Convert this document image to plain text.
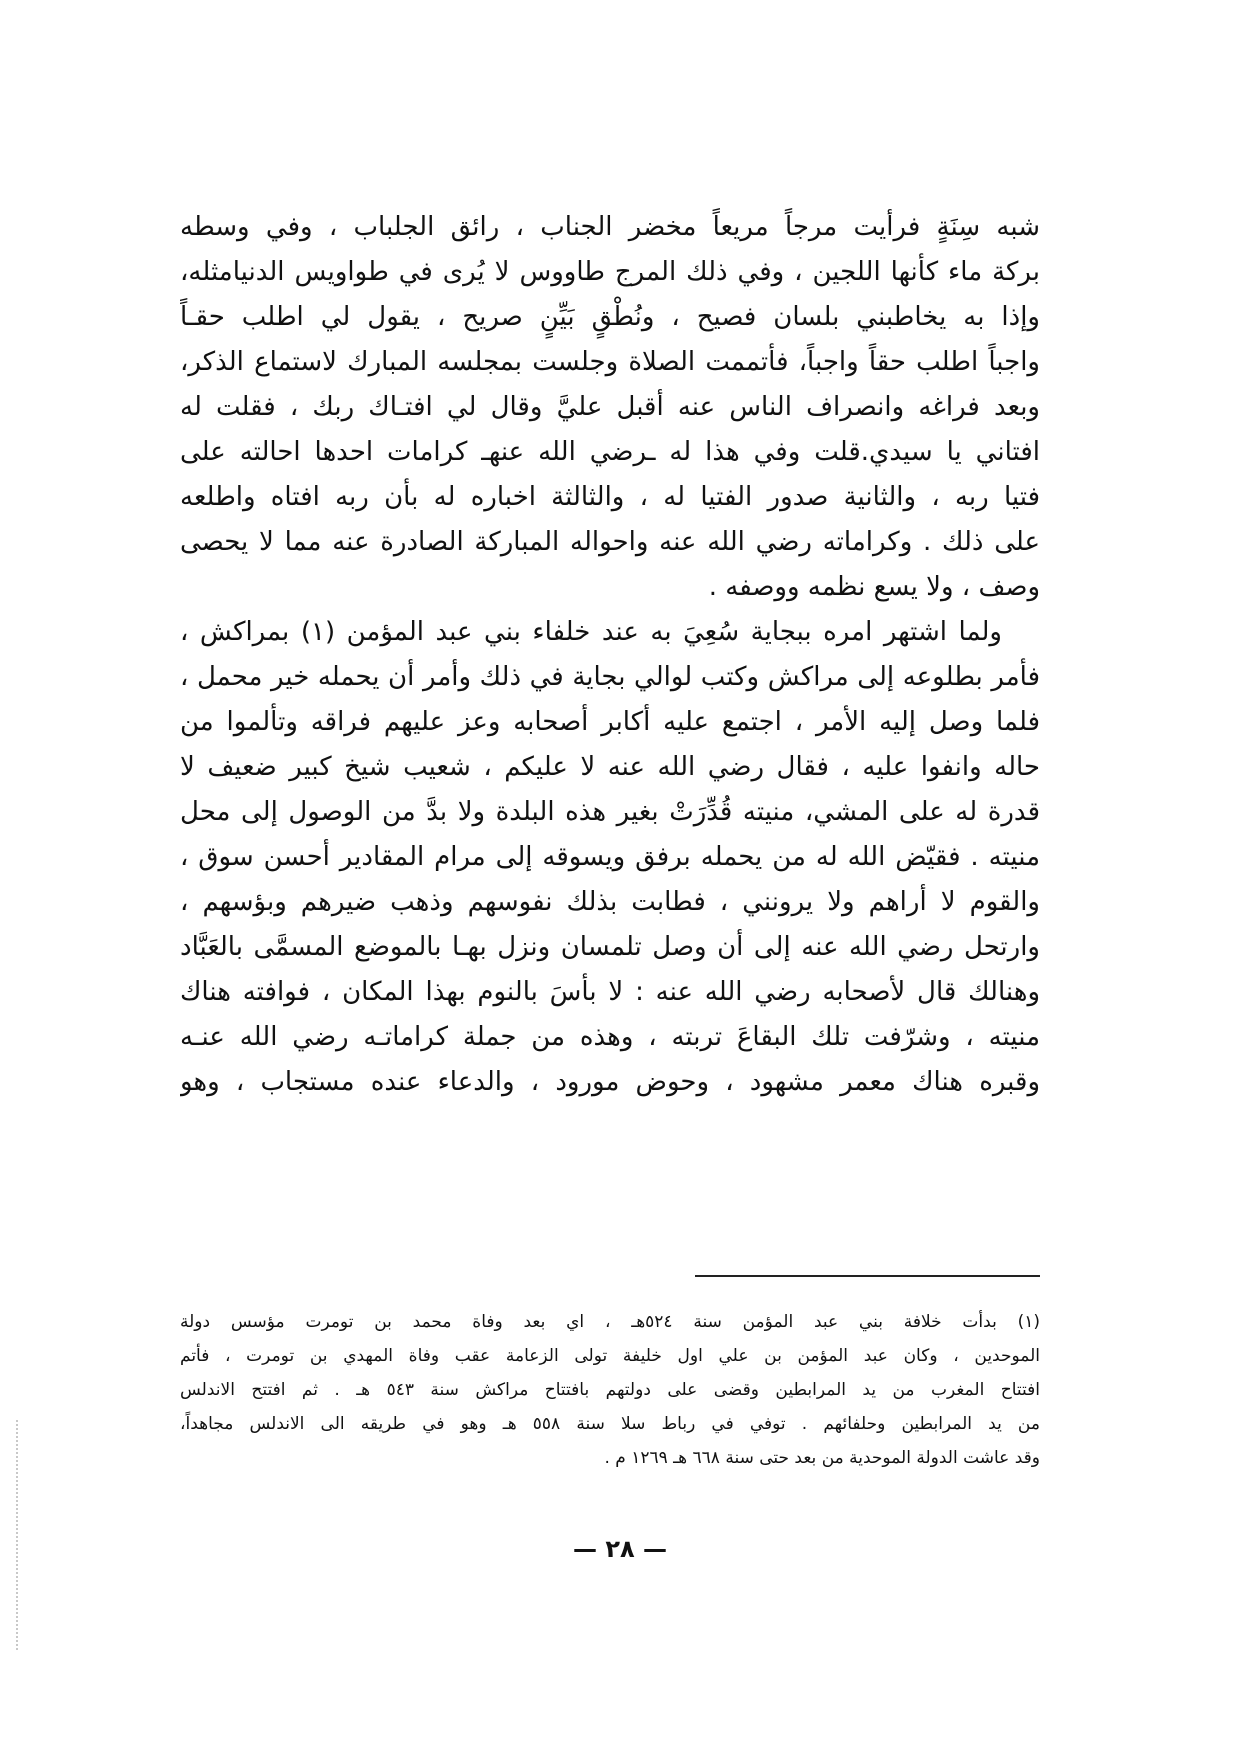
شبه سِنَةٍ فرأيت مرجاً مريعاً مخضر الجناب ، رائق الجلباب ، وفي وسطه
بركة ماء كأنها اللجين ، وفي ذلك المرج طاووس لا يُرى في طواويس الدنيامثله،
وإذا به يخاطبني بلسان فصيح ، ونُطْقٍ بَيِّنٍ صريح ، يقول لي اطلب حقـاً
واجباً اطلب حقاً واجباً، فأتممت الصلاة وجلست بمجلسه المبارك لاستماع الذكر،
وبعد فراغه وانصراف الناس عنه أقبل عليَّ وقال لي افتـاك ربك ، فقلت له
افتاني يا سيدي.قلت وفي هذا له ـرضي الله عنهـ كرامات احدها احالته على
فتيا ربه ، والثانية صدور الفتيا له ، والثالثة اخباره له بأن ربه افتاه واطلعه
على ذلك . وكراماته رضي الله عنه واحواله المباركة الصادرة عنه مما لا يحصى
وصف ، ولا يسع نظمه ووصفه .
ولما اشتهر امره ببجاية سُعِيَ به عند خلفاء بني عبد المؤمن (١) بمراكش ،
فأمر بطلوعه إلى مراكش وكتب لوالي بجاية في ذلك وأمر أن يحمله خير محمل ،
فلما وصل إليه الأمر ، اجتمع عليه أكابر أصحابه وعز عليهم فراقه وتألموا من
حاله وانفوا عليه ، فقال رضي الله عنه لا عليكم ، شعيب شيخ كبير ضعيف لا
قدرة له على المشي، منيته قُدِّرَتْ بغير هذه البلدة ولا بدَّ من الوصول إلى محل
منيته . فقيّض الله له من يحمله برفق ويسوقه إلى مرام المقادير أحسن سوق ،
والقوم لا أراهم ولا يرونني ، فطابت بذلك نفوسهم وذهب ضيرهم وبؤسهم ،
وارتحل رضي الله عنه إلى أن وصل تلمسان ونزل بهـا بالموضع المسمَّى بالعَبَّاد
وهنالك قال لأصحابه رضي الله عنه : لا بأسَ بالنوم بهذا المكان ، فوافته هناك
منيته ، وشرّفت تلك البقاعَ تربته ، وهذه من جملة كراماتـه رضي الله عنـه
وقبره هناك معمر مشهود ، وحوض مورود ، والدعاء عنده مستجاب ، وهو
(١) بدأت خلافة بني عبد المؤمن سنة ٥٢٤هـ ، اي بعد وفاة محمد بن تومرت مؤسس دولة
الموحدين ، وكان عبد المؤمن بن علي اول خليفة تولى الزعامة عقب وفاة المهدي بن تومرت ، فأتم
افتتاح المغرب من يد المرابطين وقضى على دولتهم بافتتاح مراكش سنة ٥٤٣ هـ . ثم افتتح الاندلس
من يد المرابطين وحلفائهم . توفي في رباط سلا سنة ٥٥٨ هـ وهو في طريقه الى الاندلس مجاهداً،
وقد عاشت الدولة الموحدية من بعد حتى سنة ٦٦٨ هـ ١٢٦٩ م .
— ٢٨ —
